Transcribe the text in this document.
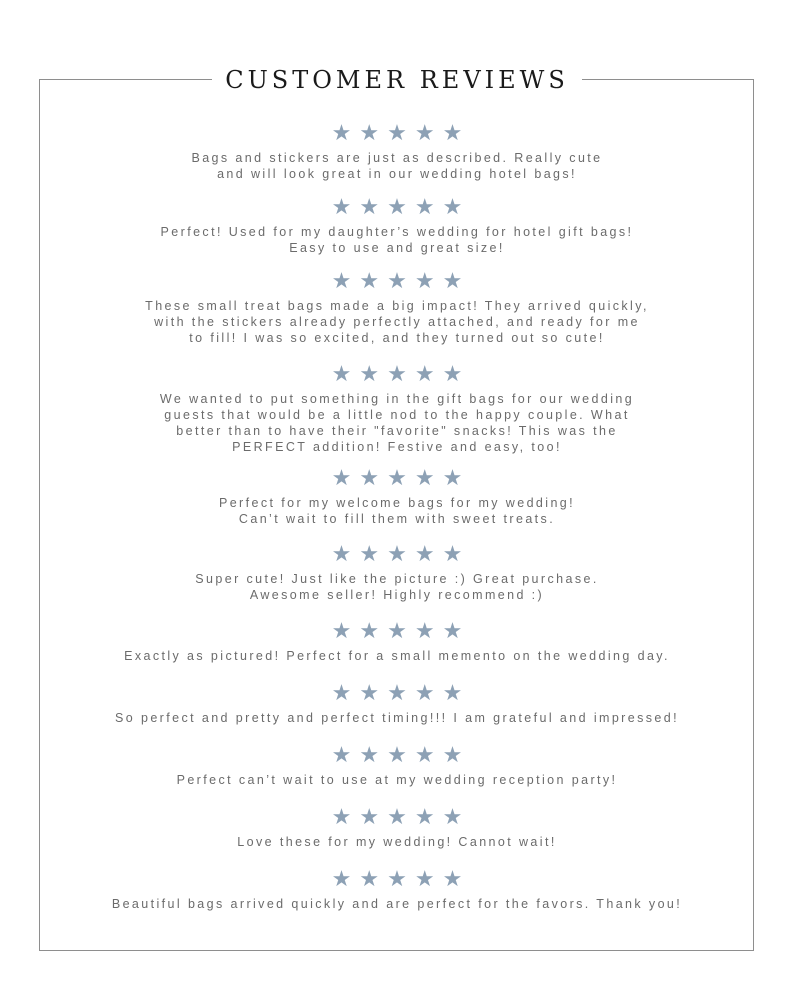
CUSTOMER REVIEWS
★★★★★
Bags and stickers are just as described. Really cute
and will look great in our wedding hotel bags!
★★★★★
Perfect! Used for my daughter’s wedding for hotel gift bags!
Easy to use and great size!
★★★★★
These small treat bags made a big impact! They arrived quickly,
with the stickers already perfectly attached, and ready for me
to fill! I was so excited, and they turned out so cute!
★★★★★
We wanted to put something in the gift bags for our wedding
guests that would be a little nod to the happy couple. What
better than to have their "favorite" snacks! This was the
PERFECT addition! Festive and easy, too!
★★★★★
Perfect for my welcome bags for my wedding!
Can’t wait to fill them with sweet treats.
★★★★★
Super cute! Just like the picture :) Great purchase.
Awesome seller! Highly recommend :)
★★★★★
Exactly as pictured! Perfect for a small memento on the wedding day.
★★★★★
So perfect and pretty and perfect timing!!! I am grateful and impressed!
★★★★★
Perfect can’t wait to use at my wedding reception party!
★★★★★
Love these for my wedding! Cannot wait!
★★★★★
Beautiful bags arrived quickly and are perfect for the favors. Thank you!
